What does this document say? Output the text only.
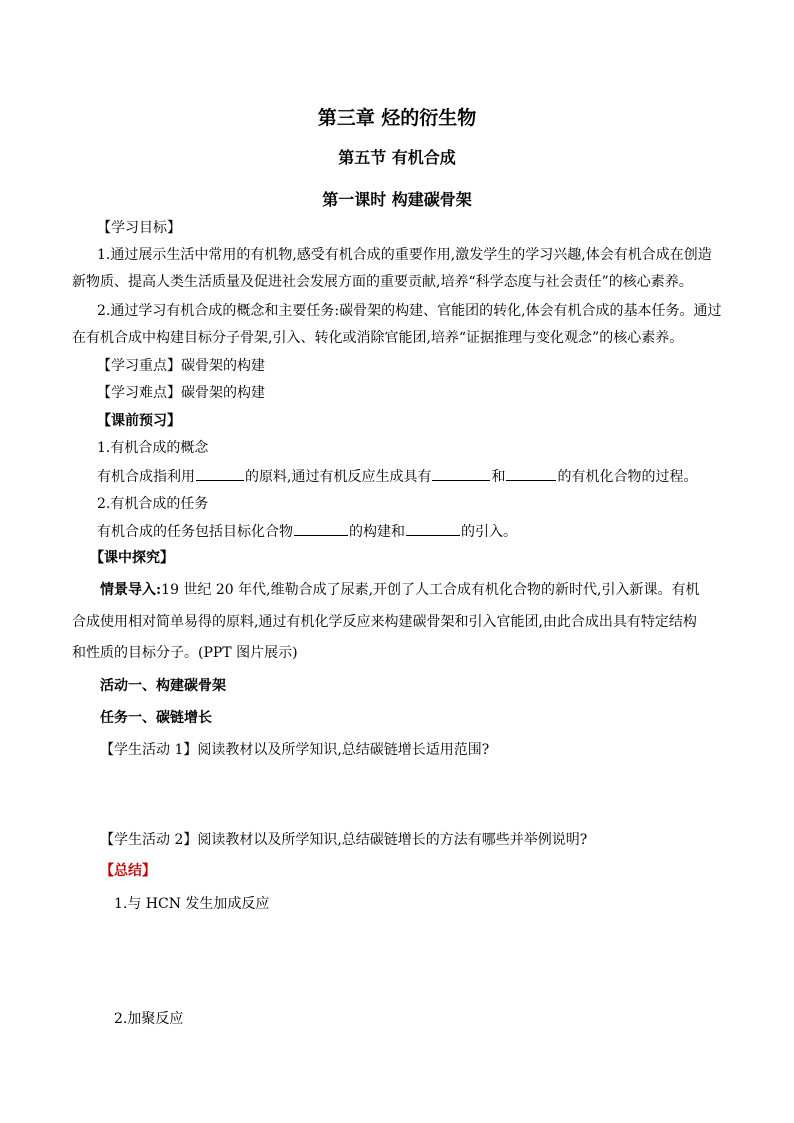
第三章 烃的衍生物
第五节 有机合成
第一课时 构建碳骨架
【学习目标】
1.通过展示生活中常用的有机物,感受有机合成的重要作用,激发学生的学习兴趣,体会有机合成在创造
新物质、提高人类生活质量及促进社会发展方面的重要贡献,培养“科学态度与社会责任”的核心素养。
2.通过学习有机合成的概念和主要任务:碳骨架的构建、官能团的转化,体会有机合成的基本任务。通过
在有机合成中构建目标分子骨架,引入、转化或消除官能团,培养“证据推理与变化观念”的核心素养。
【学习重点】碳骨架的构建
【学习难点】碳骨架的构建
【课前预习】
1.有机合成的概念
有机合成指利用	的原料,通过有机反应生成具有	和	的有机化合物的过程。
2.有机合成的任务
有机合成的任务包括目标化合物	的构建和	的引入。
【课中探究】
情景导入:19 世纪 20 年代,维勒合成了尿素,开创了人工合成有机化合物的新时代,引入新课。有机
合成使用相对简单易得的原料,通过有机化学反应来构建碳骨架和引入官能团,由此合成出具有特定结构
和性质的目标分子。(PPT 图片展示)
活动一、构建碳骨架
任务一、碳链增长
【学生活动 1】阅读教材以及所学知识,总结碳链增长适用范围?
【学生活动 2】阅读教材以及所学知识,总结碳链增长的方法有哪些并举例说明?
【总结】
1.与 HCN 发生加成反应
2.加聚反应
